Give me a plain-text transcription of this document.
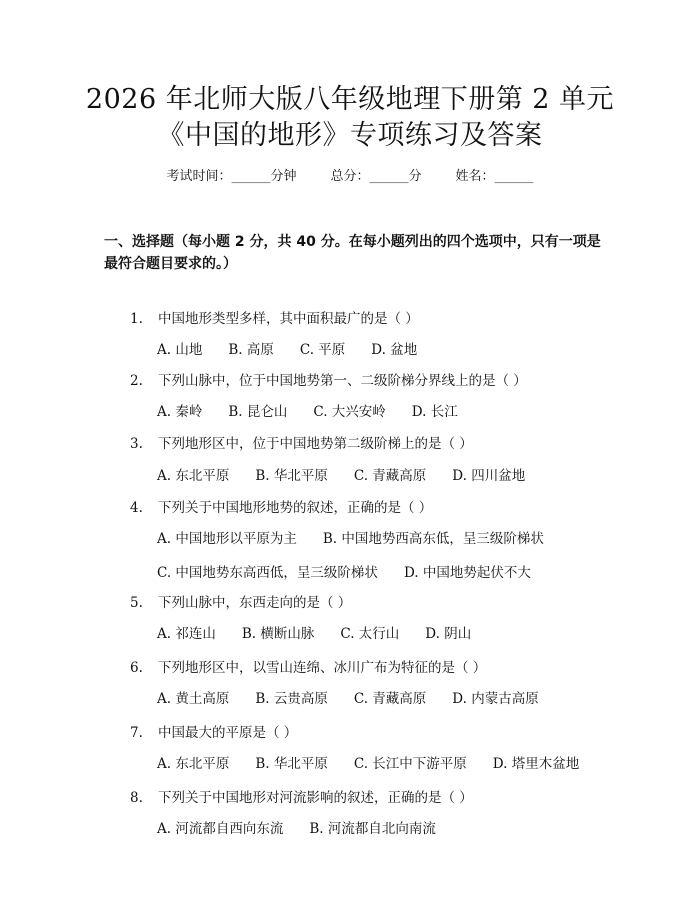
2026 年北师大版八年级地理下册第 2 单元
《中国的地形》专项练习及答案
考试时间：______分钟	总分：______分	姓名：______
一、选择题（每小题 2 分，共 40 分。在每小题列出的四个选项中，只有一项是最符合题目要求的。）
1. 中国地形类型多样，其中面积最广的是（ ）
A. 山地 B. 高原 C. 平原 D. 盆地
2. 下列山脉中，位于中国地势第一、二级阶梯分界线上的是（ ）
A. 秦岭 B. 昆仑山 C. 大兴安岭 D. 长江
3. 下列地形区中，位于中国地势第二级阶梯上的是（ ）
A. 东北平原 B. 华北平原 C. 青藏高原 D. 四川盆地
4. 下列关于中国地形地势的叙述，正确的是（ ）
A. 中国地形以平原为主 B. 中国地势西高东低，呈三级阶梯状
C. 中国地势东高西低，呈三级阶梯状 D. 中国地势起伏不大
5. 下列山脉中，东西走向的是（ ）
A. 祁连山 B. 横断山脉 C. 太行山 D. 阴山
6. 下列地形区中，以雪山连绵、冰川广布为特征的是（ ）
A. 黄土高原 B. 云贵高原 C. 青藏高原 D. 内蒙古高原
7. 中国最大的平原是（ ）
A. 东北平原 B. 华北平原 C. 长江中下游平原 D. 塔里木盆地
8. 下列关于中国地形对河流影响的叙述，正确的是（ ）
A. 河流都自西向东流 B. 河流都自北向南流
